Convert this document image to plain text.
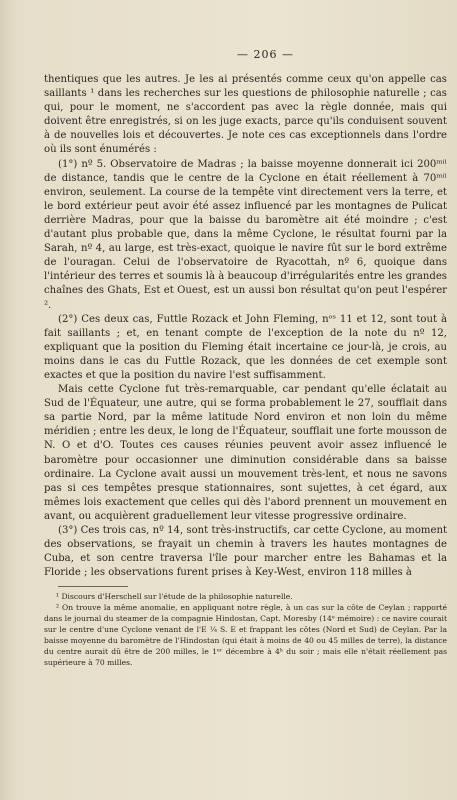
— 206 —

thentiques que les autres. Je les ai présentés comme ceux qu'on appelle cas saillants ¹ dans les recherches sur les questions de philosophie naturelle ; cas qui, pour le moment, ne s'accordent pas avec la règle donnée, mais qui doivent être enregistrés, si on les juge exacts, parce qu'ils conduisent souvent à de nouvelles lois et découvertes. Je note ces cas exceptionnels dans l'ordre où ils sont énumérés :

(1°) nº 5. Observatoire de Madras ; la baisse moyenne donnerait ici 200ᵐⁱˡ de distance, tandis que le centre de la Cyclone en était réellement à 70ᵐⁱˡ environ, seulement. La course de la tempête vint directement vers la terre, et le bord extérieur peut avoir été assez influencé par les montagnes de Pulicat derrière Madras, pour que la baisse du baromètre ait été moindre ; c'est d'autant plus probable que, dans la même Cyclone, le résultat fourni par la Sarah, nº 4, au large, est très-exact, quoique le navire fût sur le bord extrême de l'ouragan. Celui de l'observatoire de Ryacottah, nº 6, quoique dans l'intérieur des terres et soumis là à beaucoup d'irrégularités entre les grandes chaînes des Ghats, Est et Ouest, est un aussi bon résultat qu'on peut l'espérer ².

(2°) Ces deux cas, Futtle Rozack et John Fleming, nᵒˢ 11 et 12, sont tout à fait saillants ; et, en tenant compte de l'exception de la note du nº 12, expliquant que la position du Fleming était incertaine ce jour-là, je crois, au moins dans le cas du Futtle Rozack, que les données de cet exemple sont exactes et que la position du navire l'est suffisamment.

Mais cette Cyclone fut très-remarquable, car pendant qu'elle éclatait au Sud de l'Équateur, une autre, qui se forma probablement le 27, soufflait dans sa partie Nord, par la même latitude Nord environ et non loin du même méridien ; entre les deux, le long de l'Équateur, soufflait une forte mousson de N. O et d'O. Toutes ces causes réunies peuvent avoir assez influencé le baromètre pour occasionner une diminution considérable dans sa baisse ordinaire. La Cyclone avait aussi un mouvement très-lent, et nous ne savons pas si ces tempêtes presque stationnaires, sont sujettes, à cet égard, aux mêmes lois exactement que celles qui dès l'abord prennent un mouvement en avant, ou acquièrent graduellement leur vitesse progressive ordinaire.

(3°) Ces trois cas, nº 14, sont très-instructifs, car cette Cyclone, au moment des observations, se frayait un chemin à travers les hautes montagnes de Cuba, et son centre traversa l'île pour marcher entre les Bahamas et la Floride ; les observations furent prises à Key-West, environ 118 milles à

¹ Discours d'Herschell sur l'étude de la philosophie naturelle.

² On trouve la même anomalie, en appliquant notre règle, à un cas sur la côte de Ceylan ; rapporté dans le journal du steamer de la compagnie Hindostan, Capt. Moresby (14ᵉ mémoire) : ce navire courait sur le centre d'une Cyclone venant de l'E ¼ S. E et frappant les côtes (Nord et Sud) de Ceylan. Par la baisse moyenne du baromètre de l'Hindostan (qui était à moins de 40 ou 45 milles de terre), la distance du centre aurait dû être de 200 milles, le 1ᵉʳ décembre à 4ʰ du soir ; mais elle n'était réellement pas supérieure à 70 milles.
